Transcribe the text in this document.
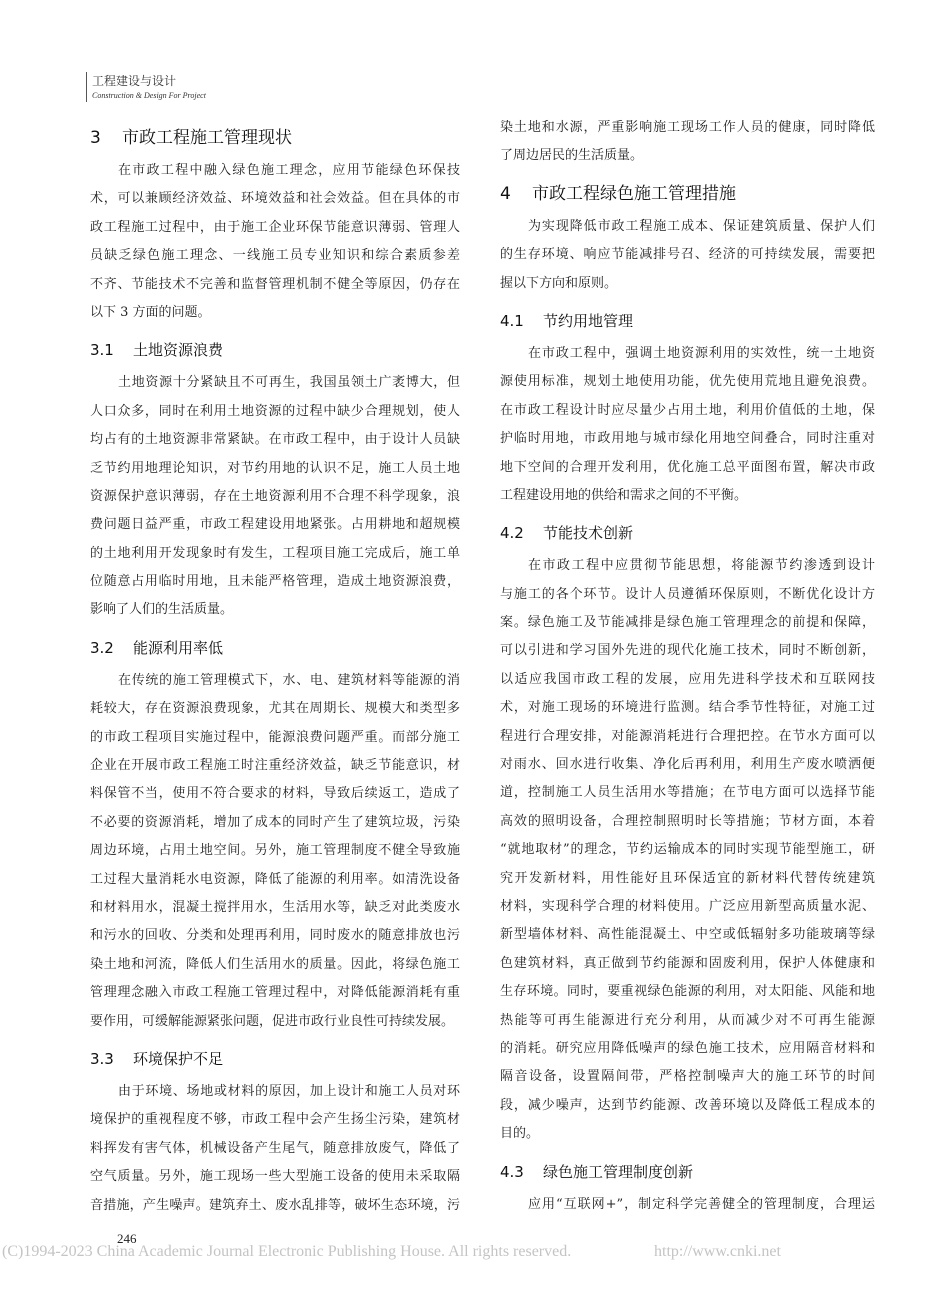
工程建设与设计
Construction & Design For Project
3	市政工程施工管理现状
在市政工程中融入绿色施工理念，应用节能绿色环保技
术，可以兼顾经济效益、环境效益和社会效益。但在具体的市
政工程施工过程中，由于施工企业环保节能意识薄弱、管理人
员缺乏绿色施工理念、一线施工员专业知识和综合素质参差
不齐、节能技术不完善和监督管理机制不健全等原因，仍存在
以下 3 方面的问题。
3.1	土地资源浪费
土地资源十分紧缺且不可再生，我国虽领土广袤博大，但
人口众多，同时在利用土地资源的过程中缺少合理规划，使人
均占有的土地资源非常紧缺。在市政工程中，由于设计人员缺
乏节约用地理论知识，对节约用地的认识不足，施工人员土地
资源保护意识薄弱，存在土地资源利用不合理不科学现象，浪
费问题日益严重，市政工程建设用地紧张。占用耕地和超规模
的土地利用开发现象时有发生，工程项目施工完成后，施工单
位随意占用临时用地，且未能严格管理，造成土地资源浪费，
影响了人们的生活质量。
3.2	能源利用率低
在传统的施工管理模式下，水、电、建筑材料等能源的消
耗较大，存在资源浪费现象，尤其在周期长、规模大和类型多
的市政工程项目实施过程中，能源浪费问题严重。而部分施工
企业在开展市政工程施工时注重经济效益，缺乏节能意识，材
料保管不当，使用不符合要求的材料，导致后续返工，造成了
不必要的资源消耗，增加了成本的同时产生了建筑垃圾，污染
周边环境，占用土地空间。另外，施工管理制度不健全导致施
工过程大量消耗水电资源，降低了能源的利用率。如清洗设备
和材料用水，混凝土搅拌用水，生活用水等，缺乏对此类废水
和污水的回收、分类和处理再利用，同时废水的随意排放也污
染土地和河流，降低人们生活用水的质量。因此，将绿色施工
管理理念融入市政工程施工管理过程中，对降低能源消耗有重
要作用，可缓解能源紧张问题，促进市政行业良性可持续发展。
3.3	环境保护不足
由于环境、场地或材料的原因，加上设计和施工人员对环
境保护的重视程度不够，市政工程中会产生扬尘污染，建筑材
料挥发有害气体，机械设备产生尾气，随意排放废气，降低了
空气质量。另外，施工现场一些大型施工设备的使用未采取隔
音措施，产生噪声。建筑弃土、废水乱排等，破坏生态环境，污
染土地和水源，严重影响施工现场工作人员的健康，同时降低
了周边居民的生活质量。
4	市政工程绿色施工管理措施
为实现降低市政工程施工成本、保证建筑质量、保护人们
的生存环境、响应节能减排号召、经济的可持续发展，需要把
握以下方向和原则。
4.1	节约用地管理
在市政工程中，强调土地资源利用的实效性，统一土地资
源使用标准，规划土地使用功能，优先使用荒地且避免浪费。
在市政工程设计时应尽量少占用土地，利用价值低的土地，保
护临时用地，市政用地与城市绿化用地空间叠合，同时注重对
地下空间的合理开发利用，优化施工总平面图布置，解决市政
工程建设用地的供给和需求之间的不平衡。
4.2	节能技术创新
在市政工程中应贯彻节能思想，将能源节约渗透到设计
与施工的各个环节。设计人员遵循环保原则，不断优化设计方
案。绿色施工及节能减排是绿色施工管理理念的前提和保障，
可以引进和学习国外先进的现代化施工技术，同时不断创新，
以适应我国市政工程的发展，应用先进科学技术和互联网技
术，对施工现场的环境进行监测。结合季节性特征，对施工过
程进行合理安排，对能源消耗进行合理把控。在节水方面可以
对雨水、回水进行收集、净化后再利用，利用生产废水喷洒便
道，控制施工人员生活用水等措施；在节电方面可以选择节能
高效的照明设备，合理控制照明时长等措施；节材方面，本着
“就地取材”的理念，节约运输成本的同时实现节能型施工，研
究开发新材料，用性能好且环保适宜的新材料代替传统建筑
材料，实现科学合理的材料使用。广泛应用新型高质量水泥、
新型墙体材料、高性能混凝土、中空或低辐射多功能玻璃等绿
色建筑材料，真正做到节约能源和固废利用，保护人体健康和
生存环境。同时，要重视绿色能源的利用，对太阳能、风能和地
热能等可再生能源进行充分利用，从而减少对不可再生能源
的消耗。研究应用降低噪声的绿色施工技术，应用隔音材料和
隔音设备，设置隔间带，严格控制噪声大的施工环节的时间
段，减少噪声，达到节约能源、改善环境以及降低工程成本的
目的。
4.3	绿色施工管理制度创新
应用“互联网+”，制定科学完善健全的管理制度，合理运
246
(C)1994-2023 China Academic Journal Electronic Publishing House. All rights reserved.	http://www.cnki.net
